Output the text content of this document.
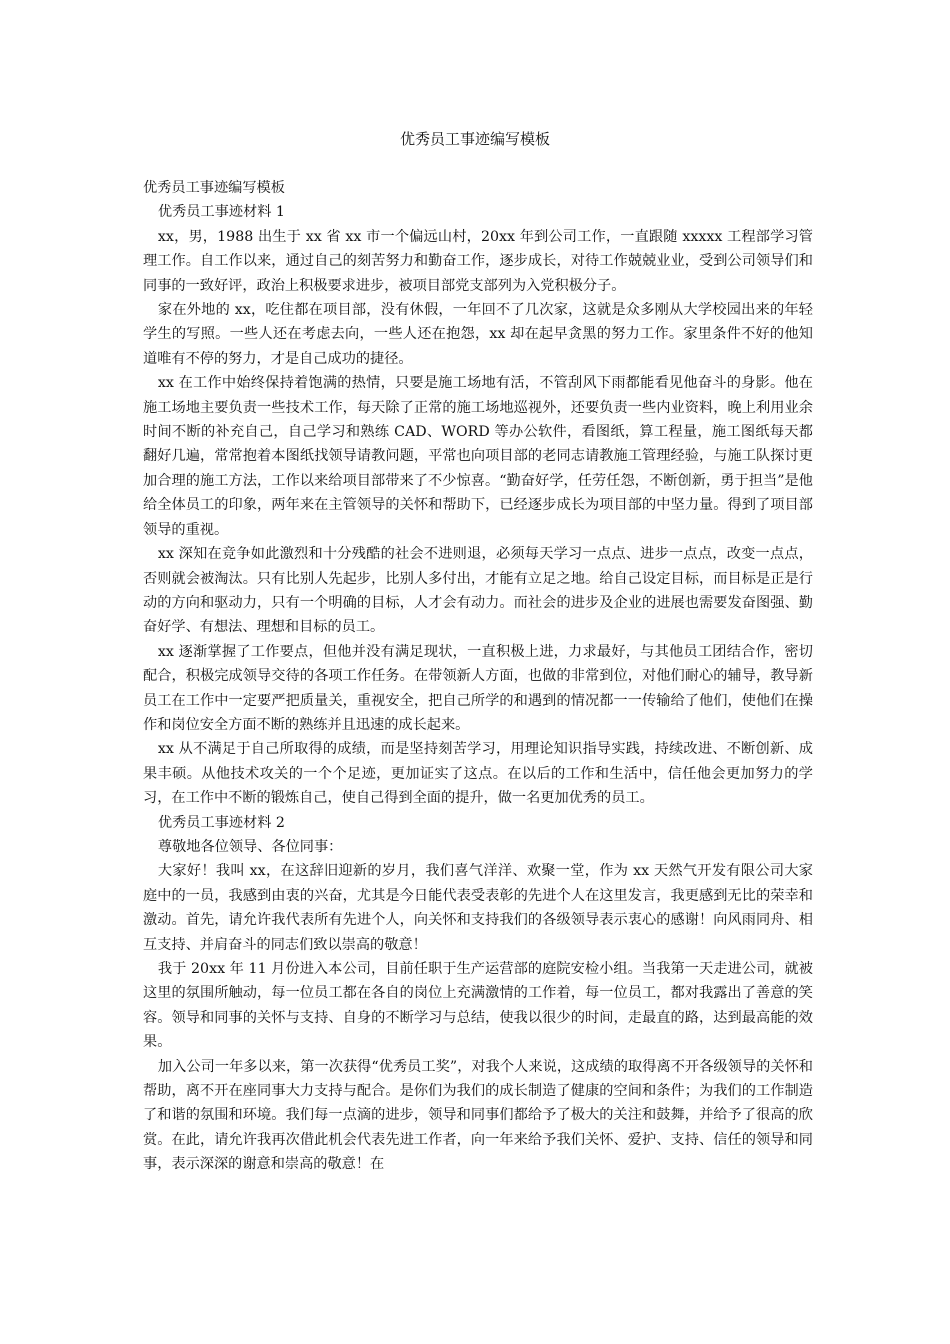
优秀员工事迹编写模板

优秀员工事迹编写模板

优秀员工事迹材料 1

xx，男，1988 出生于 xx 省 xx 市一个偏远山村，20xx 年到公司工作，一直跟随 xxxxx 工程部学习管理工作。自工作以来，通过自己的刻苦努力和勤奋工作，逐步成长，对待工作兢兢业业，受到公司领导们和同事的一致好评，政治上积极要求进步，被项目部党支部列为入党积极分子。

家在外地的 xx，吃住都在项目部，没有休假，一年回不了几次家，这就是众多刚从大学校园出来的年轻学生的写照。一些人还在考虑去向，一些人还在抱怨，xx 却在起早贪黑的努力工作。家里条件不好的他知道唯有不停的努力，才是自己成功的捷径。

xx 在工作中始终保持着饱满的热情，只要是施工场地有活，不管刮风下雨都能看见他奋斗的身影。他在施工场地主要负责一些技术工作，每天除了正常的施工场地巡视外，还要负责一些内业资料，晚上利用业余时间不断的补充自己，自己学习和熟练 CAD、WORD 等办公软件，看图纸，算工程量，施工图纸每天都翻好几遍，常常抱着本图纸找领导请教问题，平常也向项目部的老同志请教施工管理经验，与施工队探讨更加合理的施工方法，工作以来给项目部带来了不少惊喜。“勤奋好学，任劳任怨，不断创新，勇于担当”是他给全体员工的印象，两年来在主管领导的关怀和帮助下，已经逐步成长为项目部的中坚力量。得到了项目部领导的重视。

xx 深知在竞争如此激烈和十分残酷的社会不进则退，必须每天学习一点点、进步一点点，改变一点点，否则就会被淘汰。只有比别人先起步，比别人多付出，才能有立足之地。给自己设定目标，而目标是正是行动的方向和驱动力，只有一个明确的目标，人才会有动力。而社会的进步及企业的进展也需要发奋图强、勤奋好学、有想法、理想和目标的员工。

xx 逐渐掌握了工作要点，但他并没有满足现状，一直积极上进，力求最好，与其他员工团结合作，密切配合，积极完成领导交待的各项工作任务。在带领新人方面，也做的非常到位，对他们耐心的辅导，教导新员工在工作中一定要严把质量关，重视安全，把自己所学的和遇到的情况都一一传输给了他们，使他们在操作和岗位安全方面不断的熟练并且迅速的成长起来。

xx 从不满足于自己所取得的成绩，而是坚持刻苦学习，用理论知识指导实践，持续改进、不断创新、成果丰硕。从他技术攻关的一个个足迹，更加证实了这点。在以后的工作和生活中，信任他会更加努力的学习，在工作中不断的锻炼自己，使自己得到全面的提升，做一名更加优秀的员工。

优秀员工事迹材料 2

尊敬地各位领导、各位同事：

大家好！我叫 xx，在这辞旧迎新的岁月，我们喜气洋洋、欢聚一堂，作为 xx 天然气开发有限公司大家庭中的一员，我感到由衷的兴奋，尤其是今日能代表受表彰的先进个人在这里发言，我更感到无比的荣幸和激动。首先，请允许我代表所有先进个人，向关怀和支持我们的各级领导表示衷心的感谢！向风雨同舟、相互支持、并肩奋斗的同志们致以崇高的敬意！

我于 20xx 年 11 月份进入本公司，目前任职于生产运营部的庭院安检小组。当我第一天走进公司，就被这里的氛围所触动，每一位员工都在各自的岗位上充满激情的工作着，每一位员工，都对我露出了善意的笑容。领导和同事的关怀与支持、自身的不断学习与总结，使我以很少的时间，走最直的路，达到最高能的效果。

加入公司一年多以来，第一次获得“优秀员工奖”，对我个人来说，这成绩的取得离不开各级领导的关怀和帮助，离不开在座同事大力支持与配合。是你们为我们的成长制造了健康的空间和条件；为我们的工作制造了和谐的氛围和环境。我们每一点滴的进步，领导和同事们都给予了极大的关注和鼓舞，并给予了很高的欣赏。在此，请允许我再次借此机会代表先进工作者，向一年来给予我们关怀、爱护、支持、信任的领导和同事，表示深深的谢意和崇高的敬意！在
